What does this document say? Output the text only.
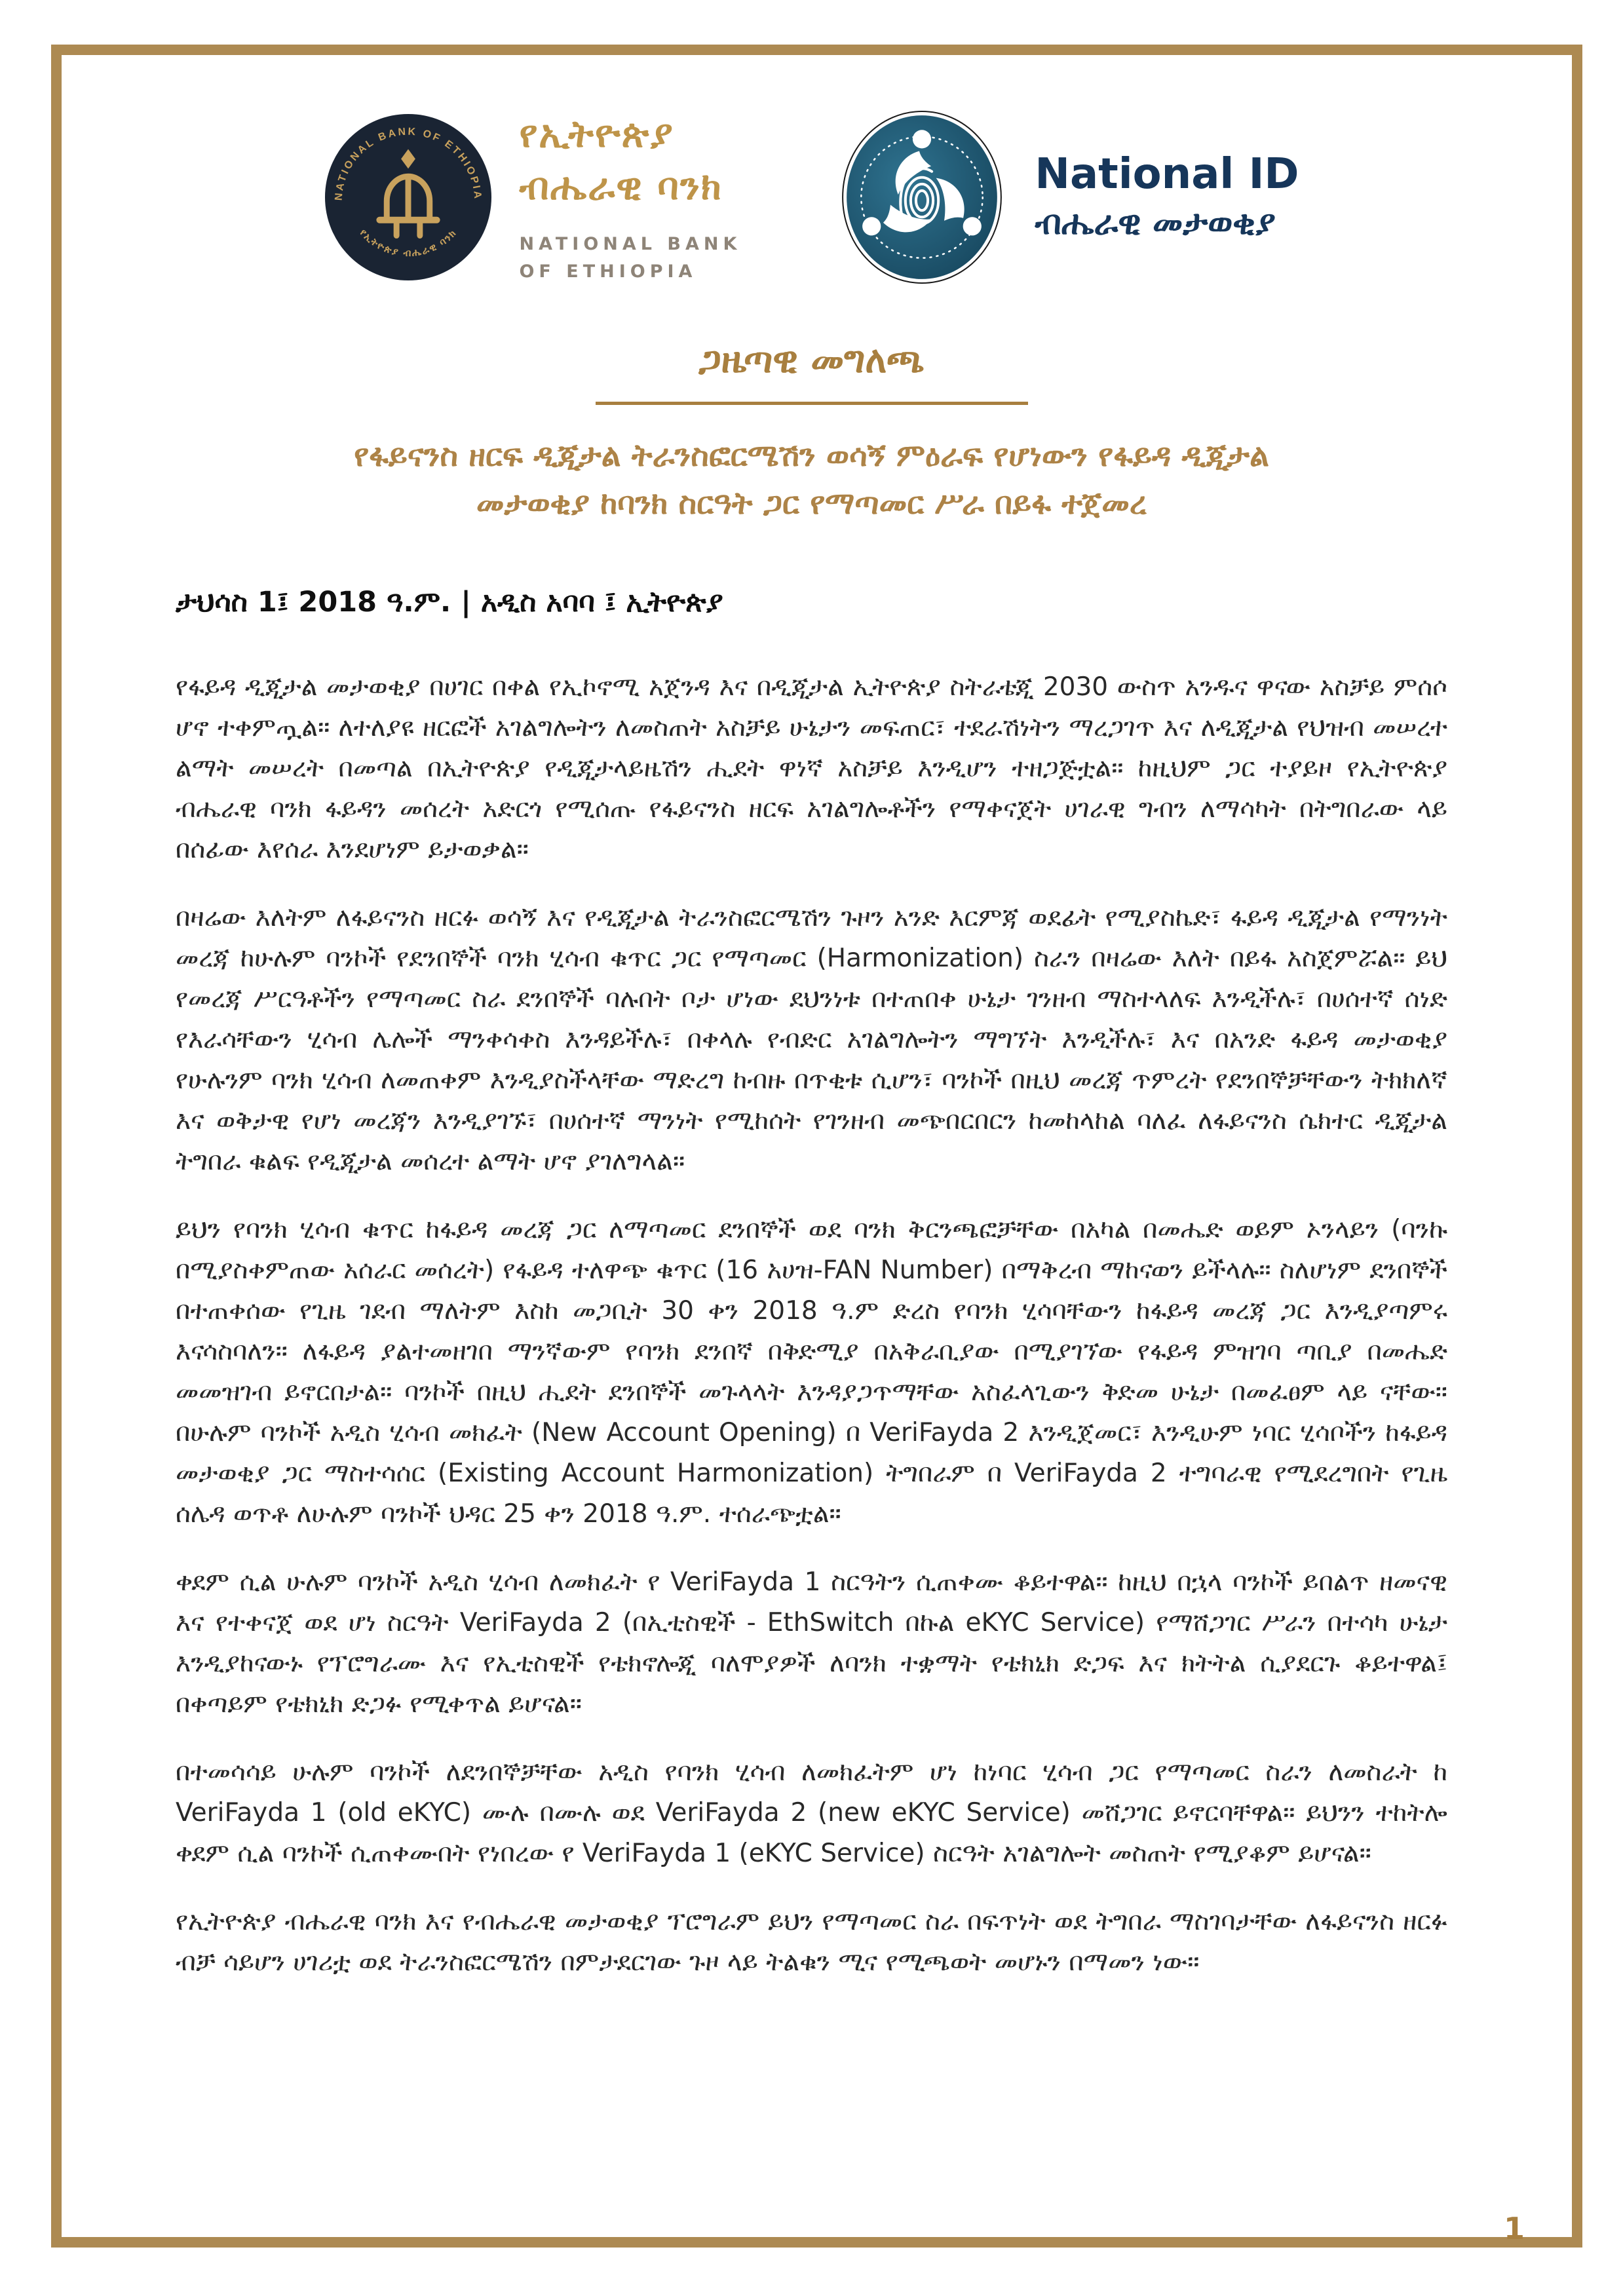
NATIONAL BANK OF ETHIOPIA
የኢትዮጵያ ብሔራዊ ባንክ
የኢትዮጵያ
ብሔራዊ ባንክ
NATIONAL BANK
OF ETHIOPIA
National ID
ብሔራዊ መታወቂያ
ጋዜጣዊ መግለጫ
የፋይናንስ ዘርፍ ዲጂታል ትራንስፎርሜሽን ወሳኝ ምዕራፍ የሆነውን የፋይዳ ዲጂታል
መታወቂያ ከባንክ ስርዓት ጋር የማጣመር ሥራ በይፋ ተጀመረ

ታህሳስ 1፤ 2018 ዓ.ም. | አዲስ አባባ ፤ ኢትዮጵያ

የፋይዳ ዲጂታል መታወቂያ በሀገር በቀል የኢኮኖሚ አጀንዳ እና በዲጂታል ኢትዮጵያ ስትራቴጂ 2030 ውስጥ አንዱና ዋናው አስቻይ ምሰሶ ሆኖ ተቀምጧል። ለተለያዩ ዘርፎች አገልግሎትን ለመስጠት አስቻይ ሁኔታን መፍጠር፣ ተደራሽነትን ማረጋገጥ እና ለዲጂታል የህዝብ መሠረተ ልማት መሠረት በመጣል በኢትዮጵያ የዲጂታላይዜሽን ሒደት ዋነኛ አስቻይ እንዲሆን ተዘጋጅቷል። ከዚህም ጋር ተያይዞ የኢትዮጵያ ብሔራዊ ባንክ ፋይዳን መሰረት አድርጎ የሚሰጡ የፋይናንስ ዘርፍ አገልግሎቶችን የማቀናጀት ሀገራዊ ግብን ለማሳካት በትግበራው ላይ በሰፊው እየሰራ እንደሆነም ይታወቃል።

በዛሬው እለትም ለፋይናንስ ዘርፉ ወሳኝ እና የዲጂታል ትራንስፎርሜሽን ጉዞን አንድ እርምጃ ወደፊት የሚያስኬድ፣ ፋይዳ ዲጂታል የማንነት መረጃ ከሁሉም ባንኮች የደንበኞች ባንክ ሂሳብ ቁጥር ጋር የማጣመር (Harmonization) ስራን በዛሬው እለት በይፋ አስጀምሯል። ይህ የመረጃ ሥርዓቶችን የማጣመር ስራ ደንበኞች ባሉበት ቦታ ሆነው ደህንነቱ በተጠበቀ ሁኔታ ገንዘብ ማስተላለፍ እንዲችሉ፣ በሀሰተኛ ሰነድ የእራሳቸውን ሂሳብ ሌሎች ማንቀሳቀስ እንዳይችሉ፣ በቀላሉ የብድር አገልግሎትን ማግኘት እንዲችሉ፣ እና በአንድ ፋይዳ መታወቂያ የሁሉንም ባንክ ሂሳብ ለመጠቀም እንዲያስችላቸው ማድረግ ከብዙ በጥቂቱ ሲሆን፣ ባንኮች በዚህ መረጃ ጥምረት የደንበኞቻቸውን ትክክለኛ እና ወቅታዊ የሆነ መረጃን እንዲያገኙ፣ በሀሰተኛ ማንነት የሚከሰት የገንዘብ መጭበርበርን ከመከላከል ባለፈ ለፋይናንስ ሴክተር ዲጂታል ትግበራ ቁልፍ የዲጂታል መሰረተ ልማት ሆኖ ያገለግላል።

ይህን የባንክ ሂሳብ ቁጥር ከፋይዳ መረጃ ጋር ለማጣመር ደንበኞች ወደ ባንክ ቅርንጫፎቻቸው በአካል በመሔድ ወይም ኦንላይን (ባንኩ በሚያስቀምጠው አሰራር መሰረት) የፋይዳ ተለዋጭ ቁጥር (16 አሀዝ-FAN Number) በማቅረብ ማከናወን ይችላሉ። ስለሆነም ደንበኞች በተጠቀሰው የጊዜ ገደብ ማለትም እስከ መጋቢት 30 ቀን 2018 ዓ.ም ድረስ የባንክ ሂሳባቸውን ከፋይዳ መረጃ ጋር እንዲያጣምሩ እናሳስባለን። ለፋይዳ ያልተመዘገበ ማንኛውም የባንክ ደንበኛ በቅድሚያ በአቅራቢያው በሚያገኘው የፋይዳ ምዝገባ ጣቢያ በመሔድ መመዝገብ ይኖርበታል። ባንኮች በዚህ ሒደት ደንበኞች መጉላላት እንዳያጋጥማቸው አስፈላጊውን ቅድመ ሁኔታ በመፈፀም ላይ ናቸው። በሁሉም ባንኮች አዲስ ሂሳብ መክፈት (New Account Opening) በ VeriFayda 2 እንዲጀመር፣ እንዲሁም ነባር ሂሳቦችን ከፋይዳ መታወቂያ ጋር ማስተሳሰር (Existing Account Harmonization) ትግበራም በ VeriFayda 2 ተግባራዊ የሚደረግበት የጊዜ ሰሌዳ ወጥቶ ለሁሉም ባንኮች ህዳር 25 ቀን 2018 ዓ.ም. ተሰራጭቷል።

ቀደም ሲል ሁሉም ባንኮች አዲስ ሂሳብ ለመክፈት የ VeriFayda 1 ስርዓትን ሲጠቀሙ ቆይተዋል። ከዚህ በኋላ ባንኮች ይበልጥ ዘመናዊ እና የተቀናጀ ወደ ሆነ ስርዓት VeriFayda 2 (በኢቲስዊች - EthSwitch በኩል eKYC Service) የማሸጋገር ሥራን በተሳካ ሁኔታ እንዲያከናውኑ የፕሮግራሙ እና የኢቲስዊች የቴክኖሎጂ ባለሞያዎች ለባንክ ተቋማት የቴክኒክ ድጋፍ እና ክትትል ሲያደርጉ ቆይተዋል፤ በቀጣይም የቴክኒክ ድጋፉ የሚቀጥል ይሆናል።

በተመሳሳይ ሁሉም ባንኮች ለደንበኞቻቸው አዲስ የባንክ ሂሳብ ለመክፈትም ሆነ ከነባር ሂሳብ ጋር የማጣመር ስራን ለመስራት ከ VeriFayda 1 (old eKYC) ሙሉ በሙሉ ወደ VeriFayda 2 (new eKYC Service) መሸጋገር ይኖርባቸዋል። ይህንን ተከትሎ ቀደም ሲል ባንኮች ሲጠቀሙበት የነበረው የ VeriFayda 1 (eKYC Service) ስርዓት አገልግሎት መስጠት የሚያቆም ይሆናል።

የኢትዮጵያ ብሔራዊ ባንክ እና የብሔራዊ መታወቂያ ፕሮግራም ይህን የማጣመር ስራ በፍጥነት ወደ ትግበራ ማስገባታቸው ለፋይናንስ ዘርፉ ብቻ ሳይሆን ሀገሪቷ ወደ ትራንስፎርሜሽን በምታደርገው ጉዞ ላይ ትልቁን ሚና የሚጫወት መሆኑን በማመን ነው።

1
